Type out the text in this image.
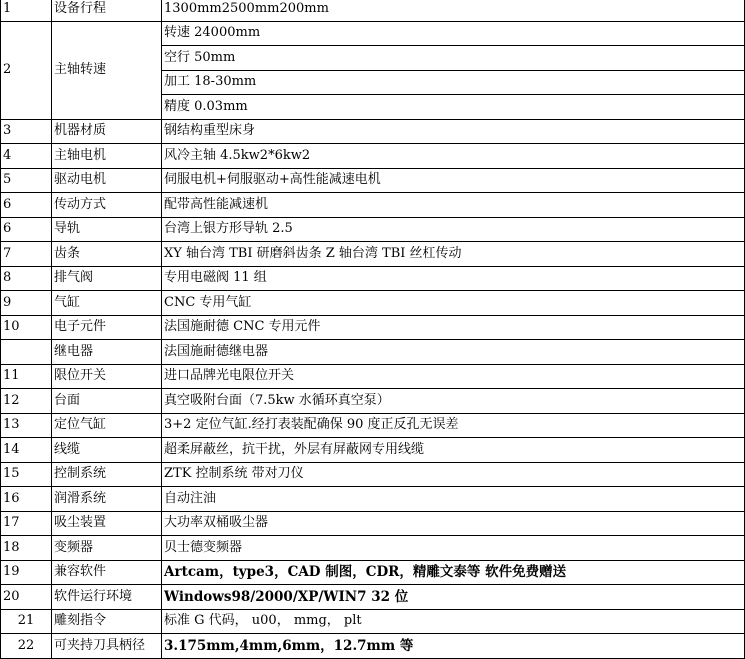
1	设备行程	1300mm2500mm200mm
2	主轴转速	转速 24000mm
		空行 50mm
		加工 18-30mm
		精度 0.03mm
3	机器材质	钢结构重型床身
4	主轴电机	风冷主轴 4.5kw2*6kw2
5	驱动电机	伺服电机+伺服驱动+高性能减速电机
6	传动方式	配带高性能减速机
6	导轨	台湾上银方形导轨 2.5
7	齿条	XY 轴台湾 TBI 研磨斜齿条 Z 轴台湾 TBI 丝杠传动
8	排气阀	专用电磁阀 11 组
9	气缸	CNC 专用气缸
10	电子元件	法国施耐德 CNC 专用元件
	继电器	法国施耐德继电器
11	限位开关	进口品牌光电限位开关
12	台面	真空吸附台面（7.5kw 水循环真空泵）
13	定位气缸	3+2 定位气缸.经打表装配确保 90 度正反孔无误差
14	线缆	超柔屏蔽丝，抗干扰，外层有屏蔽网专用线缆
15	控制系统	ZTK 控制系统 带对刀仪
16	润滑系统	自动注油
17	吸尘装置	大功率双桶吸尘器
18	变频器	贝士德变频器
19	兼容软件	Artcam，type3，CAD 制图，CDR，精雕文泰等 软件免费赠送
20	软件运行环境	Windows98/2000/XP/WIN7 32 位
21	雕刻指令	标准 G 代码， u00， mmg， plt
22	可夹持刀具柄径	3.175mm,4mm,6mm，12.7mm 等
